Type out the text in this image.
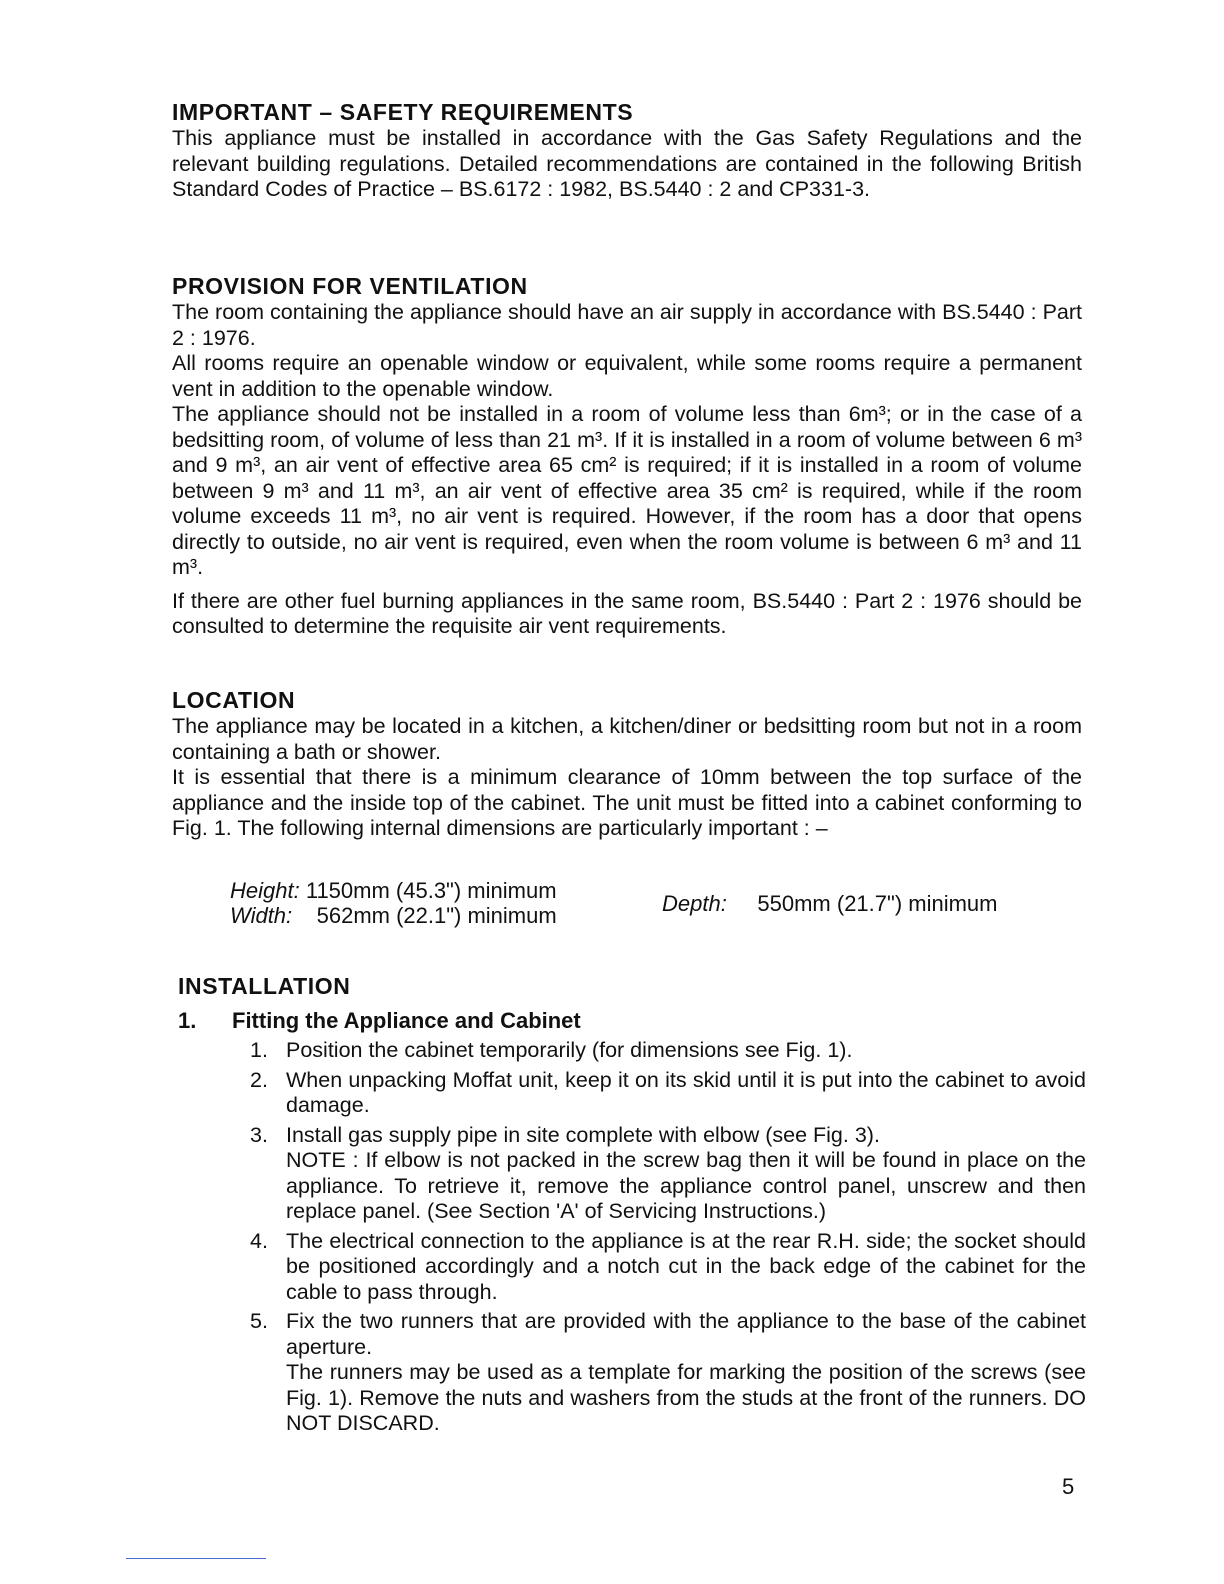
IMPORTANT – SAFETY REQUIREMENTS

This appliance must be installed in accordance with the Gas Safety Regulations and the relevant building regulations. Detailed recommendations are contained in the following British Standard Codes of Practice – BS.6172 : 1982, BS.5440 : 2 and CP331-3.

PROVISION FOR VENTILATION

The room containing the appliance should have an air supply in accordance with BS.5440 : Part 2 : 1976.

All rooms require an openable window or equivalent, while some rooms require a permanent vent in addition to the openable window.

The appliance should not be installed in a room of volume less than 6m³; or in the case of a bedsitting room, of volume of less than 21 m³. If it is installed in a room of volume between 6 m³ and 9 m³, an air vent of effective area 65 cm² is required; if it is installed in a room of volume between 9 m³ and 11 m³, an air vent of effective area 35 cm² is required, while if the room volume exceeds 11 m³, no air vent is required. However, if the room has a door that opens directly to outside, no air vent is required, even when the room volume is between 6 m³ and 11 m³.

If there are other fuel burning appliances in the same room, BS.5440 : Part 2 : 1976 should be consulted to determine the requisite air vent requirements.

LOCATION

The appliance may be located in a kitchen, a kitchen/diner or bedsitting room but not in a room containing a bath or shower.

It is essential that there is a minimum clearance of 10mm between the top surface of the appliance and the inside top of the cabinet. The unit must be fitted into a cabinet conforming to Fig. 1. The following internal dimensions are particularly important : –

Height: 1150mm (45.3") minimum
Width: 562mm (22.1") minimum	Depth: 550mm (21.7") minimum
INSTALLATION
1. Fitting the Appliance and Cabinet
1. Position the cabinet temporarily (for dimensions see Fig. 1).

2. When unpacking Moffat unit, keep it on its skid until it is put into the cabinet to avoid damage.

3. Install gas supply pipe in site complete with elbow (see Fig. 3).

NOTE : If elbow is not packed in the screw bag then it will be found in place on the appliance. To retrieve it, remove the appliance control panel, unscrew and then replace panel. (See Section 'A' of Servicing Instructions.)

4. The electrical connection to the appliance is at the rear R.H. side; the socket should be positioned accordingly and a notch cut in the back edge of the cabinet for the cable to pass through.

5. Fix the two runners that are provided with the appliance to the base of the cabinet aperture.

The runners may be used as a template for marking the position of the screws (see Fig. 1). Remove the nuts and washers from the studs at the front of the runners. DO NOT DISCARD.

5
